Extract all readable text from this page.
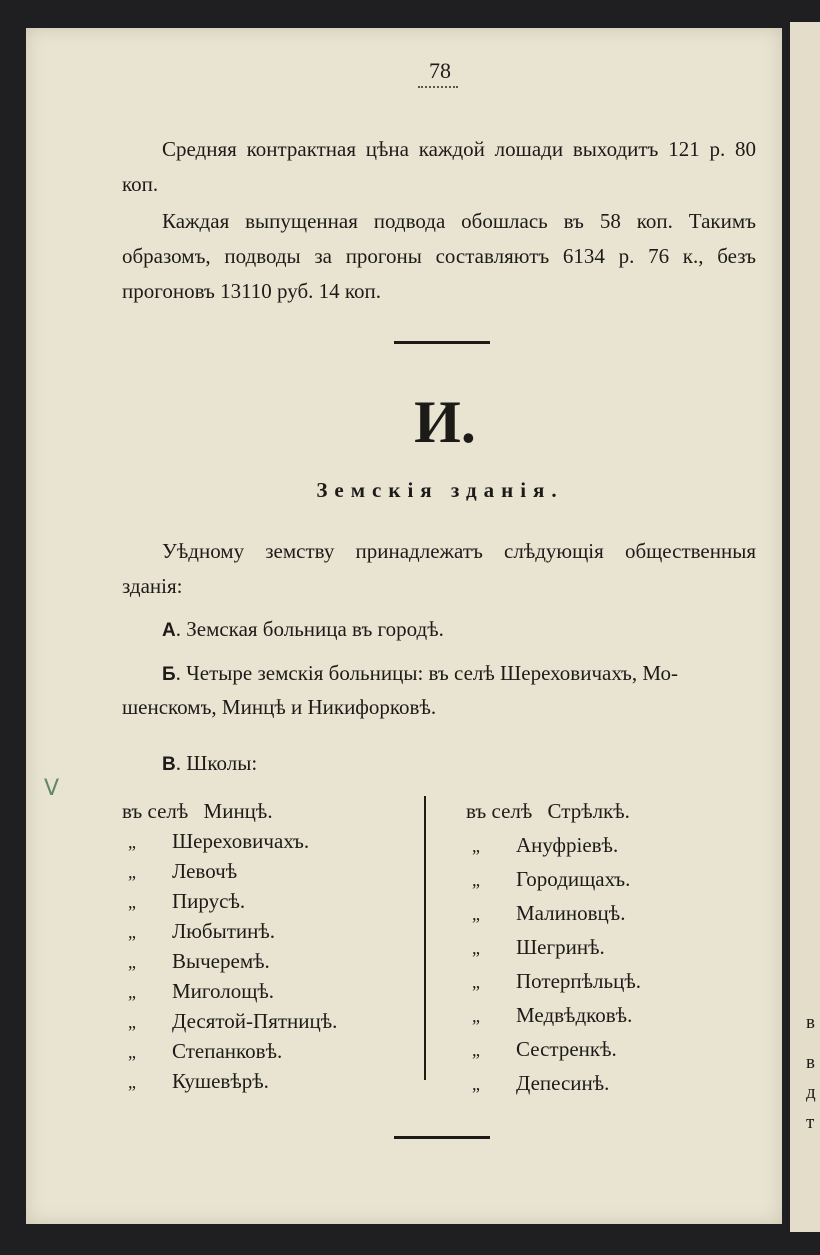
в
в
д
т
V
78
Средняя контрактная цѣна каждой лошади выходитъ 121 р. 80 коп.
Каждая выпущенная подвода обошлась въ 58 коп. Такимъ образомъ, подводы за прогоны составляютъ 6134 р. 76 к., безъ прогоновъ 13110 руб. 14 коп.
И.
Земскія зданія.
Уѣдному земству принадлежатъ слѣдующія общественныя зданія:
А. Земская больница въ городѣ.
Б. Четыре земскія больницы: въ селѣ Шереховичахъ, Мо-
шенскомъ, Минцѣ и Никифорковѣ.
В. Школы:
въ селѣ Минцѣ.
„ Шереховичахъ.
„ Левочѣ
„ Пирусѣ.
„ Любытинѣ.
„ Вычеремѣ.
„ Миголощѣ.
„ Десятой-Пятницѣ.
„ Степанковѣ.
„ Кушевѣрѣ.
въ селѣ Стрѣлкѣ.
„ Ануфріевѣ.
„ Городищахъ.
„ Малиновцѣ.
„ Шегринѣ.
„ Потерпѣльцѣ.
„ Медвѣдковѣ.
„ Сестренкѣ.
„ Депесинѣ.
